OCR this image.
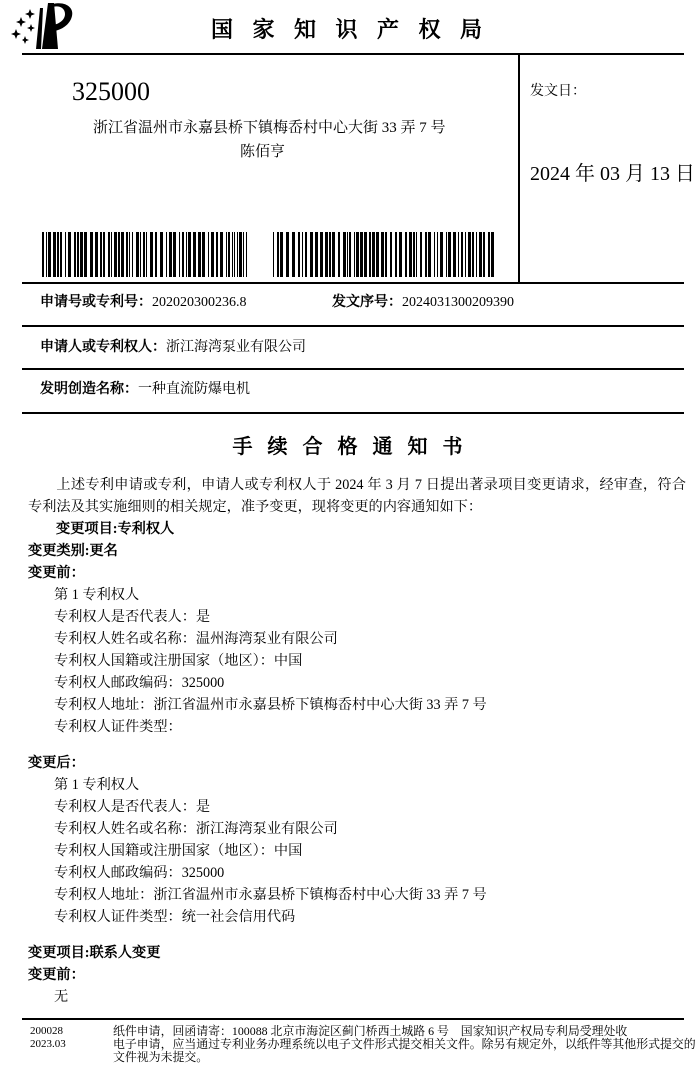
国 家 知 识 产 权 局
325000
浙江省温州市永嘉县桥下镇梅岙村中心大街 33 弄 7 号
陈佰亨
发文日：
2024 年 03 月 13 日
申请号或专利号：202020300236.8	发文序号：2024031300209390
申请人或专利权人：浙江海湾泵业有限公司
发明创造名称：一种直流防爆电机
手 续 合 格 通 知 书

上述专利申请或专利，申请人或专利权人于 2024 年 3 月 7 日提出著录项目变更请求，经审查，符合专利法及其实施细则的相关规定，准予变更，现将变更的内容通知如下：

变更项目:专利权人
变更类别:更名
变更前：
第 1 专利权人
专利权人是否代表人：是
专利权人姓名或名称：温州海湾泵业有限公司
专利权人国籍或注册国家（地区）：中国
专利权人邮政编码：325000
专利权人地址：浙江省温州市永嘉县桥下镇梅岙村中心大街 33 弄 7 号
专利权人证件类型：
变更后：
第 1 专利权人
专利权人是否代表人：是
专利权人姓名或名称：浙江海湾泵业有限公司
专利权人国籍或注册国家（地区）：中国
专利权人邮政编码：325000
专利权人地址：浙江省温州市永嘉县桥下镇梅岙村中心大街 33 弄 7 号
专利权人证件类型：统一社会信用代码
变更项目:联系人变更
变更前：
无
200028
2023.03

纸件申请，回函请寄：100088 北京市海淀区蓟门桥西土城路 6 号　国家知识产权局专利局受理处收

电子申请，应当通过专利业务办理系统以电子文件形式提交相关文件。除另有规定外，以纸件等其他形式提交的文件视为未提交。
